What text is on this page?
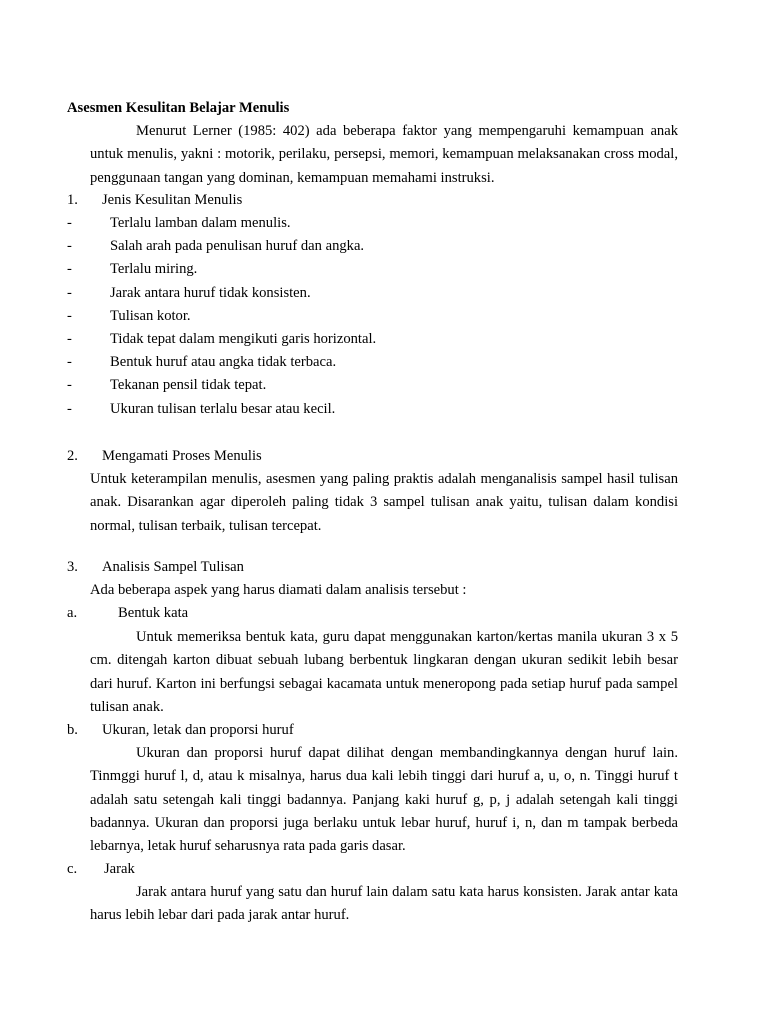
Asesmen Kesulitan Belajar Menulis
Menurut Lerner (1985: 402) ada beberapa faktor yang mempengaruhi kemampuan anak untuk menulis, yakni : motorik, perilaku, persepsi, memori, kemampuan melaksanakan cross modal, penggunaan tangan yang dominan, kemampuan memahami instruksi.
1. Jenis Kesulitan Menulis
-	Terlalu lamban dalam menulis.
-	Salah arah pada penulisan huruf dan angka.
-	Terlalu miring.
-	Jarak antara huruf tidak konsisten.
-	Tulisan kotor.
-	Tidak tepat dalam mengikuti garis horizontal.
-	Bentuk huruf atau angka tidak terbaca.
-	Tekanan pensil tidak tepat.
-	Ukuran tulisan terlalu besar atau kecil.
2. Mengamati Proses Menulis
Untuk keterampilan menulis, asesmen yang paling praktis adalah menganalisis sampel hasil tulisan anak. Disarankan agar diperoleh paling tidak 3 sampel tulisan anak yaitu, tulisan dalam kondisi normal, tulisan terbaik, tulisan tercepat.
3. Analisis Sampel Tulisan
Ada beberapa aspek yang harus diamati dalam analisis tersebut :
a.	Bentuk kata
Untuk memeriksa bentuk kata, guru dapat menggunakan karton/kertas manila ukuran 3 x 5 cm. ditengah karton dibuat sebuah lubang berbentuk lingkaran dengan ukuran sedikit lebih besar dari huruf. Karton ini berfungsi sebagai kacamata untuk meneropong pada setiap huruf pada sampel tulisan anak.
b. Ukuran, letak dan proporsi huruf
Ukuran dan proporsi huruf dapat dilihat dengan membandingkannya dengan huruf lain. Tinmggi huruf l, d, atau k misalnya, harus dua kali lebih tinggi dari huruf a, u, o, n. Tinggi huruf t adalah satu setengah kali tinggi badannya. Panjang kaki huruf g, p, j adalah setengah kali tinggi badannya. Ukuran dan proporsi juga berlaku untuk lebar huruf, huruf i, n, dan m tampak berbeda lebarnya, letak huruf seharusnya rata pada garis dasar.
c. Jarak
Jarak antara huruf yang satu dan huruf lain dalam satu kata harus konsisten. Jarak antar kata harus lebih lebar dari pada jarak antar huruf.
